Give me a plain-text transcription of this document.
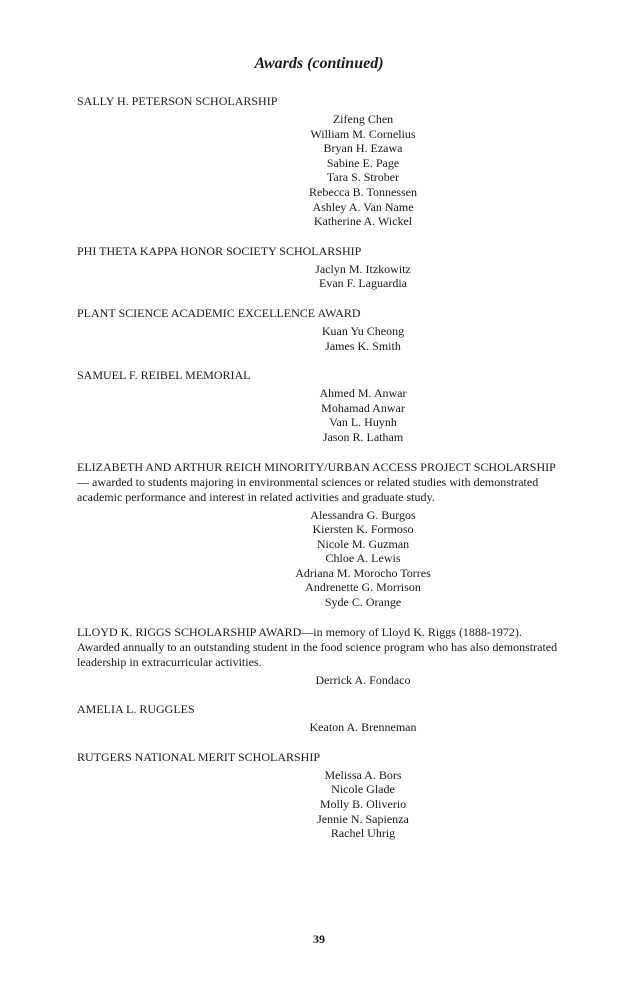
Awards (continued)

SALLY H. PETERSON SCHOLARSHIP

Zifeng Chen
William M. Cornelius
Bryan H. Ezawa
Sabine E. Page
Tara S. Strober
Rebecca B. Tonnessen
Ashley A. Van Name
Katherine A. Wickel

PHI THETA KAPPA HONOR SOCIETY SCHOLARSHIP

Jaclyn M. Itzkowitz
Evan F. Laguardia

PLANT SCIENCE ACADEMIC EXCELLENCE AWARD

Kuan Yu Cheong
James K. Smith

SAMUEL F. REIBEL MEMORIAL

Ahmed M. Anwar
Mohamad Anwar
Van L. Huynh
Jason R. Latham

ELIZABETH AND ARTHUR REICH MINORITY/URBAN ACCESS PROJECT SCHOLARSHIP— awarded to students majoring in environmental sciences or related studies with demonstrated academic performance and interest in related activities and graduate study.

Alessandra G. Burgos
Kiersten K. Formoso
Nicole M. Guzman
Chloe A. Lewis
Adriana M. Morocho Torres
Andrenette G. Morrison
Syde C. Orange

LLOYD K. RIGGS SCHOLARSHIP AWARD—in memory of Lloyd K. Riggs (1888-1972). Awarded annually to an outstanding student in the food science program who has also demonstrated leadership in extracurricular activities.

Derrick A. Fondaco

AMELIA L. RUGGLES

Keaton A. Brenneman

RUTGERS NATIONAL MERIT SCHOLARSHIP

Melissa A. Bors
Nicole Glade
Molly B. Oliverio
Jennie N. Sapienza
Rachel Uhrig
39
